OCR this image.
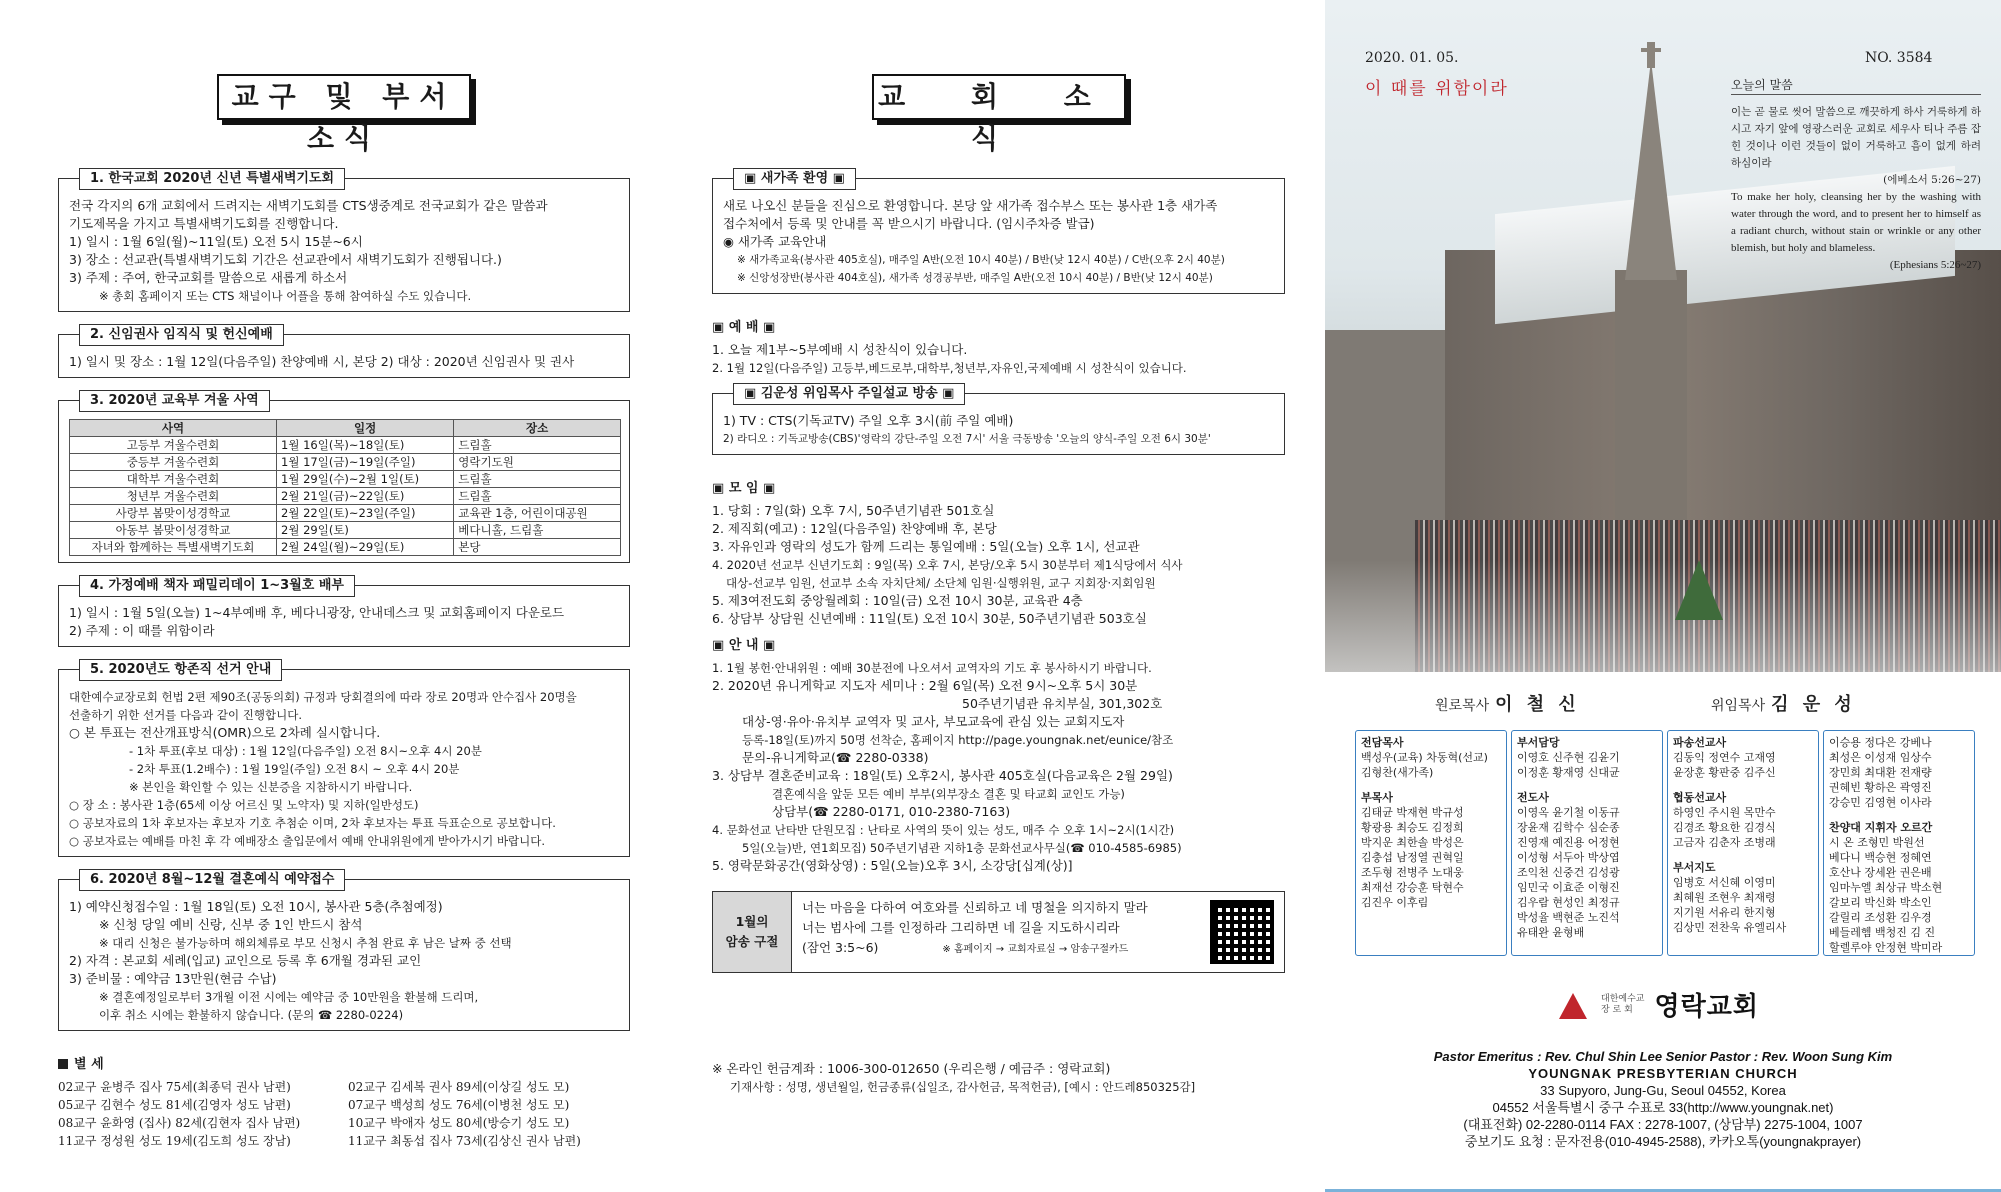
교구 및 부서소식
1. 한국교회 2020년 신년 특별새벽기도회
전국 각지의 6개 교회에서 드려지는 새벽기도회를 CTS생중계로 전국교회가 같은 말씀과
기도제목을 가지고 특별새벽기도회를 진행합니다.
1) 일시 : 1월 6일(월)~11일(토) 오전 5시 15분~6시
3) 장소 : 선교관(특별새벽기도회 기간은 선교관에서 새벽기도회가 진행됩니다.)
3) 주제 : 주여, 한국교회를 말씀으로 새롭게 하소서
※ 총회 홈페이지 또는 CTS 채널이나 어플을 통해 참여하실 수도 있습니다.
2. 신임권사 임직식 및 헌신예배
1) 일시 및 장소 : 1월 12일(다음주일) 찬양예배 시, 본당 2) 대상 : 2020년 신임권사 및 권사
3. 2020년 교육부 겨울 사역
사역	일정	장소
고등부 겨울수련회	1월 16일(목)~18일(토)	드림홀
중등부 겨울수련회	1월 17일(금)~19일(주일)	영락기도원
대학부 겨울수련회	1월 29일(수)~2월 1일(토)	드림홀
청년부 겨울수련회	2월 21일(금)~22일(토)	드림홀
사랑부 봄맞이성경학교	2월 22일(토)~23일(주일)	교육관 1층, 어린이대공원
아동부 봄맞이성경학교	2월 29일(토)	베다니홀, 드림홀
자녀와 함께하는 특별새벽기도회	2월 24일(월)~29일(토)	본당
4. 가정예배 책자 패밀리데이 1~3월호 배부
1) 일시 : 1월 5일(오늘) 1~4부예배 후, 베다니광장, 안내데스크 및 교회홈페이지 다운로드
2) 주제 : 이 때를 위함이라
5. 2020년도 항존직 선거 안내
대한예수교장로회 헌법 2편 제90조(공동의회) 규정과 당회결의에 따라 장로 20명과 안수집사 20명을
선출하기 위한 선거를 다음과 같이 진행합니다.
○ 본 투표는 전산개표방식(OMR)으로 2차례 실시합니다.
- 1차 투표(후보 대상) : 1월 12일(다음주일) 오전 8시~오후 4시 20분
- 2차 투표(1.2배수) : 1월 19일(주일) 오전 8시 ~ 오후 4시 20분
※ 본인을 확인할 수 있는 신분증을 지참하시기 바랍니다.
○ 장 소 : 봉사관 1층(65세 이상 어르신 및 노약자) 및 지하(일반성도)
○ 공보자료의 1차 후보자는 후보자 기호 추첨순 이며, 2차 후보자는 투표 득표순으로 공보합니다.
○ 공보자료는 예배를 마친 후 각 예배장소 출입문에서 예배 안내위원에게 받아가시기 바랍니다.
6. 2020년 8월~12월 결혼예식 예약접수
1) 예약신청접수일 : 1월 18일(토) 오전 10시, 봉사관 5층(추첨예정)
※ 신청 당일 예비 신랑, 신부 중 1인 반드시 참석
※ 대리 신청은 불가능하며 해외체류로 부모 신청시 추첨 완료 후 남은 날짜 중 선택
2) 자격 : 본교회 세례(입교) 교인으로 등록 후 6개월 경과된 교인
3) 준비물 : 예약금 13만원(현금 수납)
※ 결혼예정일로부터 3개월 이전 시에는 예약금 중 10만원을 환불해 드리며,
이후 취소 시에는 환불하지 않습니다. (문의 ☎ 2280-0224)
별 세
02교구 윤병주 집사 75세(최종덕 권사 남편)
05교구 김현수 성도 81세(김영자 성도 남편)
08교구 윤화영 (집사) 82세(김현자 집사 남편)
11교구 정성원 성도 19세(김도희 성도 장남)
02교구 김세복 권사 89세(이상길 성도 모)
07교구 백성희 성도 76세(이병천 성도 모)
10교구 박애자 성도 80세(방승기 성도 모)
11교구 최동섭 집사 73세(김상신 권사 남편)
교 회 소 식
▣ 새가족 환영 ▣
새로 나오신 분들을 진심으로 환영합니다. 본당 앞 새가족 접수부스 또는 봉사관 1층 새가족
접수처에서 등록 및 안내를 꼭 받으시기 바랍니다. (임시주차증 발급)
◉ 새가족 교육안내
※ 새가족교육(봉사관 405호실), 매주일 A반(오전 10시 40분) / B반(낮 12시 40분) / C반(오후 2시 40분)
※ 신앙성장반(봉사관 404호실), 새가족 성경공부반, 매주일 A반(오전 10시 40분) / B반(낮 12시 40분)
▣ 예 배 ▣
1. 오늘 제1부~5부예배 시 성찬식이 있습니다.
2. 1월 12일(다음주일) 고등부,베드로부,대학부,청년부,자유인,국제예배 시 성찬식이 있습니다.
▣ 김운성 위임목사 주일설교 방송 ▣
1) TV : CTS(기독교TV) 주일 오후 3시(前 주일 예배)
2) 라디오 : 기독교방송(CBS)'영락의 강단-주일 오전 7시' 서울 극동방송 '오늘의 양식-주일 오전 6시 30분'
▣ 모 임 ▣
1. 당회 : 7일(화) 오후 7시, 50주년기념관 501호실
2. 제직회(예고) : 12일(다음주일) 찬양예배 후, 본당
3. 자유인과 영락의 성도가 함께 드리는 통일예배 : 5일(오늘) 오후 1시, 선교관
4. 2020년 선교부 신년기도회 : 9일(목) 오후 7시, 본당/오후 5시 30분부터 제1식당에서 식사
대상-선교부 임원, 선교부 소속 자치단체/ 소단체 임원·실행위원, 교구 지회장·지회임원
5. 제3여전도회 중앙월례회 : 10일(금) 오전 10시 30분, 교육관 4층
6. 상담부 상담원 신년예배 : 11일(토) 오전 10시 30분, 50주년기념관 503호실
▣ 안 내 ▣
1. 1월 봉헌·안내위원 : 예배 30분전에 나오셔서 교역자의 기도 후 봉사하시기 바랍니다.
2. 2020년 유니게학교 지도자 세미나 : 2월 6일(목) 오전 9시~오후 5시 30분
50주년기념관 유치부실, 301,302호
대상-영·유아·유치부 교역자 및 교사, 부모교육에 관심 있는 교회지도자
등록-18일(토)까지 50명 선착순, 홈페이지 http://page.youngnak.net/eunice/참조
문의-유니게학교(☎ 2280-0338)
3. 상담부 결혼준비교육 : 18일(토) 오후2시, 봉사관 405호실(다음교육은 2월 29일)
결혼예식을 앞둔 모든 예비 부부(외부장소 결혼 및 타교회 교인도 가능)
상담부(☎ 2280-0171, 010-2380-7163)
4. 문화선교 난타반 단원모집 : 난타로 사역의 뜻이 있는 성도, 매주 수 오후 1시~2시(1시간)
5일(오늘)반, 연1회모집) 50주년기념관 지하1층 문화선교사무실(☎ 010-4585-6985)
5. 영락문화공간(영화상영) : 5일(오늘)오후 3시, 소강당[십계(상)]
1월의
암송 구절
너는 마음을 다하여 여호와를 신뢰하고 네 명철을 의지하지 말라
너는 범사에 그를 인정하라 그리하면 네 길을 지도하시리라
(잠언 3:5~6)	※ 홈페이지 → 교회자료실 → 암송구절카드
※ 온라인 헌금계좌 : 1006-300-012650 (우리은행 / 예금주 : 영락교회)
기재사항 : 성명, 생년월일, 헌금종류(십일조, 감사헌금, 목적헌금), [예시 : 안드레850325감]
2020. 01. 05.	NO. 3584
이 때를 위함이라	오늘의 말씀
이는 곧 물로 씻어 말씀으로 깨끗하게 하사 거룩하게 하시고 자기 앞에 영광스러운 교회로 세우사 티나 주름 잡힌 것이나 이런 것들이 없이 거룩하고 흠이 없게 하려 하심이라
(에베소서 5:26~27)
To make her holy, cleansing her by the washing with water through the word, and to present her to himself as a radiant church, without stain or wrinkle or any other blemish, but holy and blameless.
(Ephesians 5:26~27)
원로목사 이 철 신	위임목사 김 운 성
전담목사
백성우(교육) 차동혁(선교)
김형찬(새가족)
부목사
김태균 박재현 박규성
황광용 최승도 김정희
박지운 최한솔 박성은
김충섭 남정열 권혁일
조두형 전병주 노대웅
최재선 강승훈 탁현수
김진우 이후림
부서담당
이영호 신주현 김윤기
이정훈 황재영 신대균
전도사
이영옥 윤기철 이동규
장윤재 김학수 심순종
진영재 예진용 어정현
이성형 서두아 박상엽
조익천 신중건 김성광
임민국 이효준 이형진
김우람 현성인 최정규
박성율 백현준 노진석
유태완 윤형배
파송선교사
김동익 정연수 고재영
윤장훈 황판중 김주신
협동선교사
하영인 주시원 목만수
김경조 황요한 김경식
고금자 김춘자 조병래
부서지도
임병호 서신혜 이영미
최혜원 조현우 최재령
지기원 서유리 한지형
김상민 전찬욱 유엘리사
이승용 정다은 강베나
최성은 이성재 임상수
장민희 최대환 전재량
권혜빈 황하은 곽영진
강승민 김영현 이사라
찬양대 지휘자 오르간
시 온 조형민 박원선
베다니 백승현 정혜연
호산나 장세완 권은배
임마누엘 최상규 박소현
갈보리 박신화 박소인
갈릴리 조성환 김우경
베들레헴 백청진 김 진
할렐루야 안정현 박미라
대한예수교
장 로 회 영락교회
Pastor Emeritus : Rev. Chul Shin Lee Senior Pastor : Rev. Woon Sung Kim
YOUNGNAK PRESBYTERIAN CHURCH
33 Supyoro, Jung-Gu, Seoul 04552, Korea
04552 서울특별시 중구 수표로 33(http://www.youngnak.net)
(대표전화) 02-2280-0114 FAX : 2278-1007, (상담부) 2275-1004, 1007
중보기도 요청 : 문자전용(010-4945-2588), 카카오톡(youngnakprayer)
